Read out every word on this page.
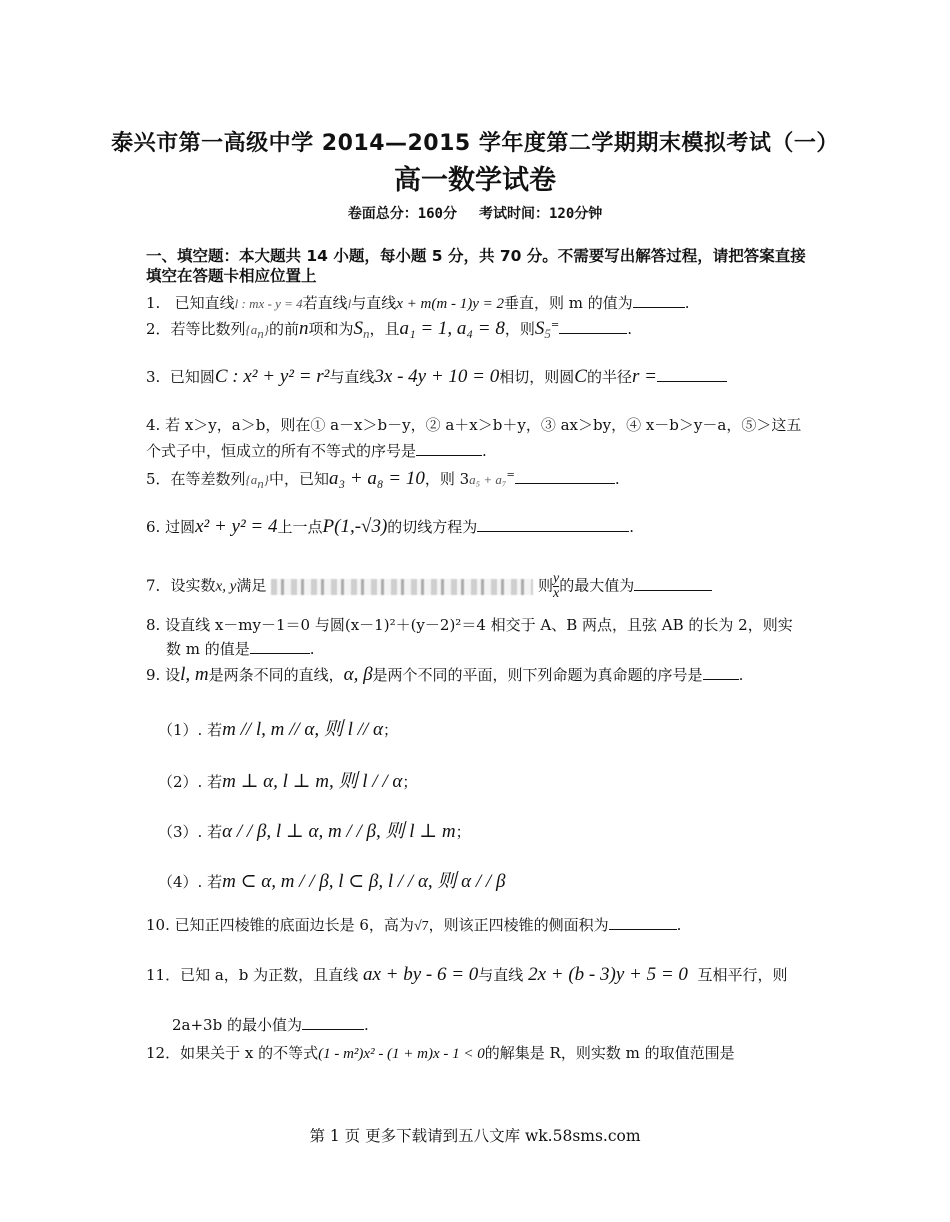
泰兴市第一高级中学 2014—2015 学年度第二学期期末模拟考试（一）
高一数学试卷
卷面总分：160分 考试时间：120分钟
一、填空题：本大题共 14 小题，每小题 5 分，共 70 分。不需要写出解答过程，请把答案直接填空在答题卡相应位置上
1. 已知直线l : mx - y = 4若直线l与直线x + m(m - 1)y = 2垂直，则 m 的值为	.
2．若等比数列$\{a_n\}$的前n项和为$S_n$，且a₁ = 1, a₄ = 8，则$S_5^=$	.
3. 已知圆C : x² + y² = r²与直线3x - 4y + 10 = 0相切，则圆C的半径r =
4. 若 x＞y，a＞b，则在① a－x＞b－y，② a＋x＞b＋y，③ ax＞by，④ x－b＞y－a，⑤＞这五
个式子中，恒成立的所有不等式的序号是	.
5．在等差数列$\{a_n\}$中，已知a₃ + a₈ = 10，则 3a₅ + a₇=	.
6. 过圆x² + y² = 4上一点P(1,-√3)的切线方程为	.
7．设实数x, y满足	则 $\frac{y}{x}$ 的最大值为
8. 设直线 x－my－1＝0 与圆(x－1)²＋(y－2)²＝4 相交于 A、B 两点，且弦 AB 的长为 2，则实
数 m 的值是	.
9. 设l, m是两条不同的直线，α, β是两个不同的平面，则下列命题为真命题的序号是 .
（1）. 若m // l, m // α, 则 l // α；
（2）. 若m ⊥ α, l ⊥ m, 则 l / / α；
（3）. 若α / / β, l ⊥ α, m / / β, 则 l ⊥ m；
（4）. 若m ⊂ α, m / / β, l ⊂ β, l / / α, 则 α / / β
10. 已知正四棱锥的底面边长是 6，高为√7，则该正四棱锥的侧面积为	.
11．已知 a，b 为正数，且直线 ax + by - 6 = 0与直线 2x + (b - 3)y + 5 = 0 互相平行，则
2a+3b 的最小值为	.
12．如果关于 x 的不等式(1 - m²)x² - (1 + m)x - 1 < 0的解集是 R，则实数 m 的取值范围是
第 1 页 更多下载请到五八文库 wk.58sms.com
